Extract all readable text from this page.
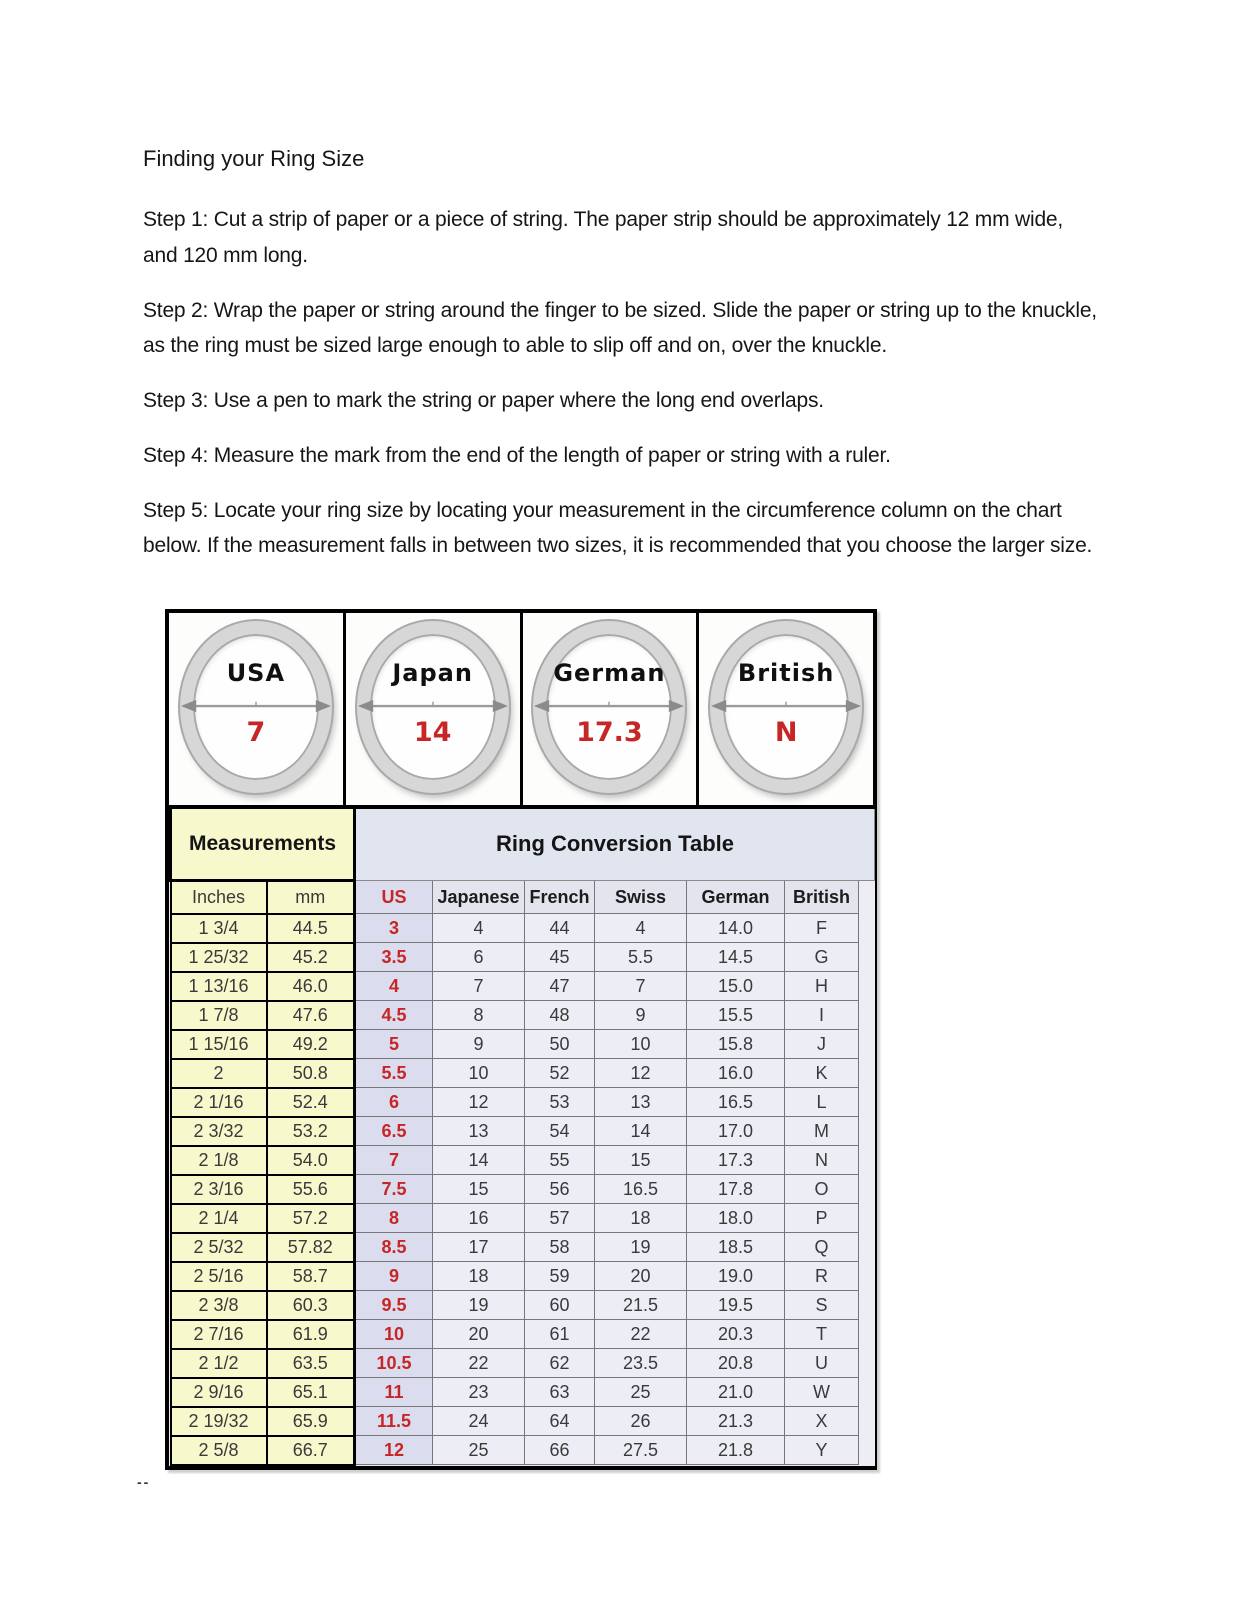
Finding your Ring Size

Step 1: Cut a strip of paper or a piece of string. The paper strip should be approximately 12 mm wide, and 120 mm long.

Step 2: Wrap the paper or string around the finger to be sized. Slide the paper or string up to the knuckle, as the ring must be sized large enough to able to slip off and on, over the knuckle.

Step 3: Use a pen to mark the string or paper where the long end overlaps.

Step 4: Measure the mark from the end of the length of paper or string with a ruler.

Step 5: Locate your ring size by locating your measurement in the circumference column on the chart below. If the measurement falls in between two sizes, it is recommended that you choose the larger size.

USA
7
Japan
14
German
17.3
British
N
Measurements		Ring Conversion Table						
Inches	mm	US	Japanese	French	Swiss	German	British	
1 3/4	44.5	3	4	44	4	14.0	F	
1 25/32	45.2	3.5	6	45	5.5	14.5	G	
1 13/16	46.0	4	7	47	7	15.0	H	
1 7/8	47.6	4.5	8	48	9	15.5	I	
1 15/16	49.2	5	9	50	10	15.8	J	
2	50.8	5.5	10	52	12	16.0	K	
2 1/16	52.4	6	12	53	13	16.5	L	
2 3/32	53.2	6.5	13	54	14	17.0	M	
2 1/8	54.0	7	14	55	15	17.3	N	
2 3/16	55.6	7.5	15	56	16.5	17.8	O	
2 1/4	57.2	8	16	57	18	18.0	P	
2 5/32	57.82	8.5	17	58	19	18.5	Q	
2 5/16	58.7	9	18	59	20	19.0	R	
2 3/8	60.3	9.5	19	60	21.5	19.5	S	
2 7/16	61.9	10	20	61	22	20.3	T	
2 1/2	63.5	10.5	22	62	23.5	20.8	U	
2 9/16	65.1	11	23	63	25	21.0	W	
2 19/32	65.9	11.5	24	64	26	21.3	X	
2 5/8	66.7	12	25	66	27.5	21.8	Y	
--
